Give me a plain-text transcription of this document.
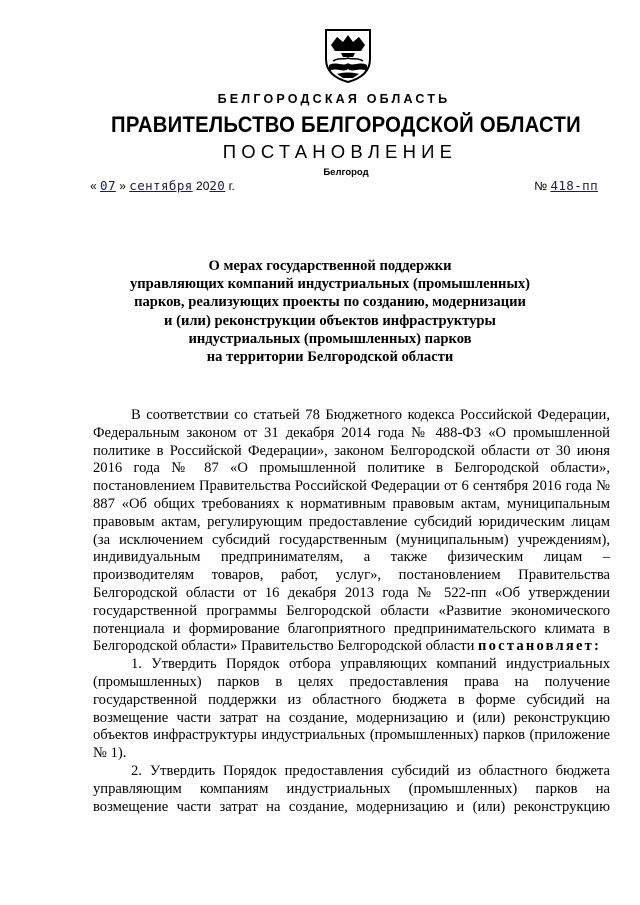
БЕЛГОРОДСКАЯ ОБЛАСТЬ
ПРАВИТЕЛЬСТВО БЕЛГОРОДСКОЙ ОБЛАСТИ
ПОСТАНОВЛЕНИЕ
Белгород
« 07 » сентября 2020 г.	№ 418-пп
О мерах государственной поддержки
управляющих компаний индустриальных (промышленных)
парков, реализующих проекты по созданию, модернизации
и (или) реконструкции объектов инфраструктуры
индустриальных (промышленных) парков
на территории Белгородской области

В соответствии со статьей 78 Бюджетного кодекса Российской Федерации, Федеральным законом от 31 декабря 2014 года № 488-ФЗ «О промышленной политике в Российской Федерации», законом Белгородской области от 30 июня 2016 года № 87 «О промышленной политике в Белгородской области», постановлением Правительства Российской Федерации от 6 сентября 2016 года № 887 «Об общих требованиях к нормативным правовым актам, муниципальным правовым актам, регулирующим предоставление субсидий юридическим лицам (за исключением субсидий государственным (муниципальным) учреждениям), индивидуальным предпринимателям, а также физическим лицам – производителям товаров, работ, услуг», постановлением Правительства Белгородской области от 16 декабря 2013 года № 522-пп «Об утверждении государственной программы Белгородской области «Развитие экономического потенциала и формирование благоприятного предпринимательского климата в Белгородской области» Правительство Белгородской области постановляет:

1. Утвердить Порядок отбора управляющих компаний индустриальных (промышленных) парков в целях предоставления права на получение государственной поддержки из областного бюджета в форме субсидий на возмещение части затрат на создание, модернизацию и (или) реконструкцию объектов инфраструктуры индустриальных (промышленных) парков (приложение № 1).

2. Утвердить Порядок предоставления субсидий из областного бюджета управляющим компаниям индустриальных (промышленных) парков на возмещение части затрат на создание, модернизацию и (или) реконструкцию
